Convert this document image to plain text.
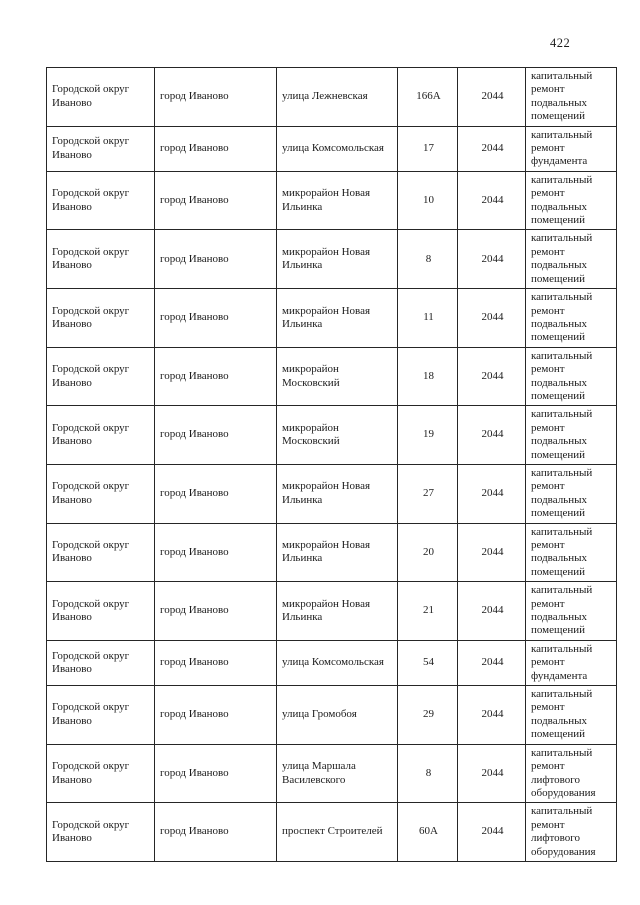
422
Городской округ Иваново	город Иваново	улица Лежневская	166А	2044	капитальный ремонт подвальных помещений
Городской округ Иваново	город Иваново	улица Комсомольская	17	2044	капитальный ремонт фундамента
Городской округ Иваново	город Иваново	микрорайон Новая Ильинка	10	2044	капитальный ремонт подвальных помещений
Городской округ Иваново	город Иваново	микрорайон Новая Ильинка	8	2044	капитальный ремонт подвальных помещений
Городской округ Иваново	город Иваново	микрорайон Новая Ильинка	11	2044	капитальный ремонт подвальных помещений
Городской округ Иваново	город Иваново	микрорайон Московский	18	2044	капитальный ремонт подвальных помещений
Городской округ Иваново	город Иваново	микрорайон Московский	19	2044	капитальный ремонт подвальных помещений
Городской округ Иваново	город Иваново	микрорайон Новая Ильинка	27	2044	капитальный ремонт подвальных помещений
Городской округ Иваново	город Иваново	микрорайон Новая Ильинка	20	2044	капитальный ремонт подвальных помещений
Городской округ Иваново	город Иваново	микрорайон Новая Ильинка	21	2044	капитальный ремонт подвальных помещений
Городской округ Иваново	город Иваново	улица Комсомольская	54	2044	капитальный ремонт фундамента
Городской округ Иваново	город Иваново	улица Громобоя	29	2044	капитальный ремонт подвальных помещений
Городской округ Иваново	город Иваново	улица Маршала Василевского	8	2044	капитальный ремонт лифтового оборудования
Городской округ Иваново	город Иваново	проспект Строителей	60А	2044	капитальный ремонт лифтового оборудования
